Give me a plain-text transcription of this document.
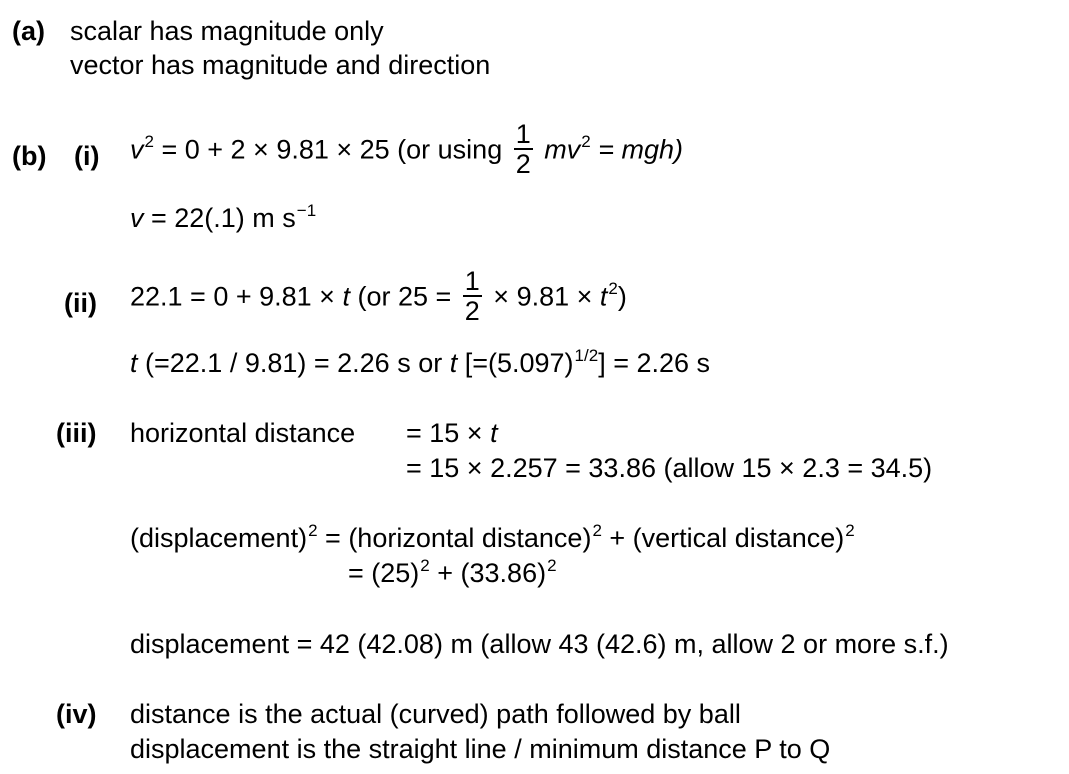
(a) scalar has magnitude only
vector has magnitude and direction
(b) (i) $v^2 = 0 + 2 \times 9.81 \times 25$ (or using $\frac{1}{2} mv^2 = mgh$)
v = 22(.1) m $s^{-1}$
(ii) 22.1 = 0 + 9.81 × t (or $25 = \frac{1}{2} \times 9.81 \times t^2$)
t (=22.1 / 9.81) = 2.26 s or t $[=(5.097)^{1/2}] = 2.26$ s
(iii) horizontal distance = 15 × t
= 15 × 2.257 = 33.86 (allow 15 × 2.3 = 34.5)
(displacement)$^2$ = (horizontal distance)$^2$ + (vertical distance)$^2$
= $(25)^2 + (33.86)^2$
displacement = 42 (42.08) m (allow 43 (42.6) m, allow 2 or more s.f.)
(iv) distance is the actual (curved) path followed by ball
displacement is the straight line / minimum distance P to Q
